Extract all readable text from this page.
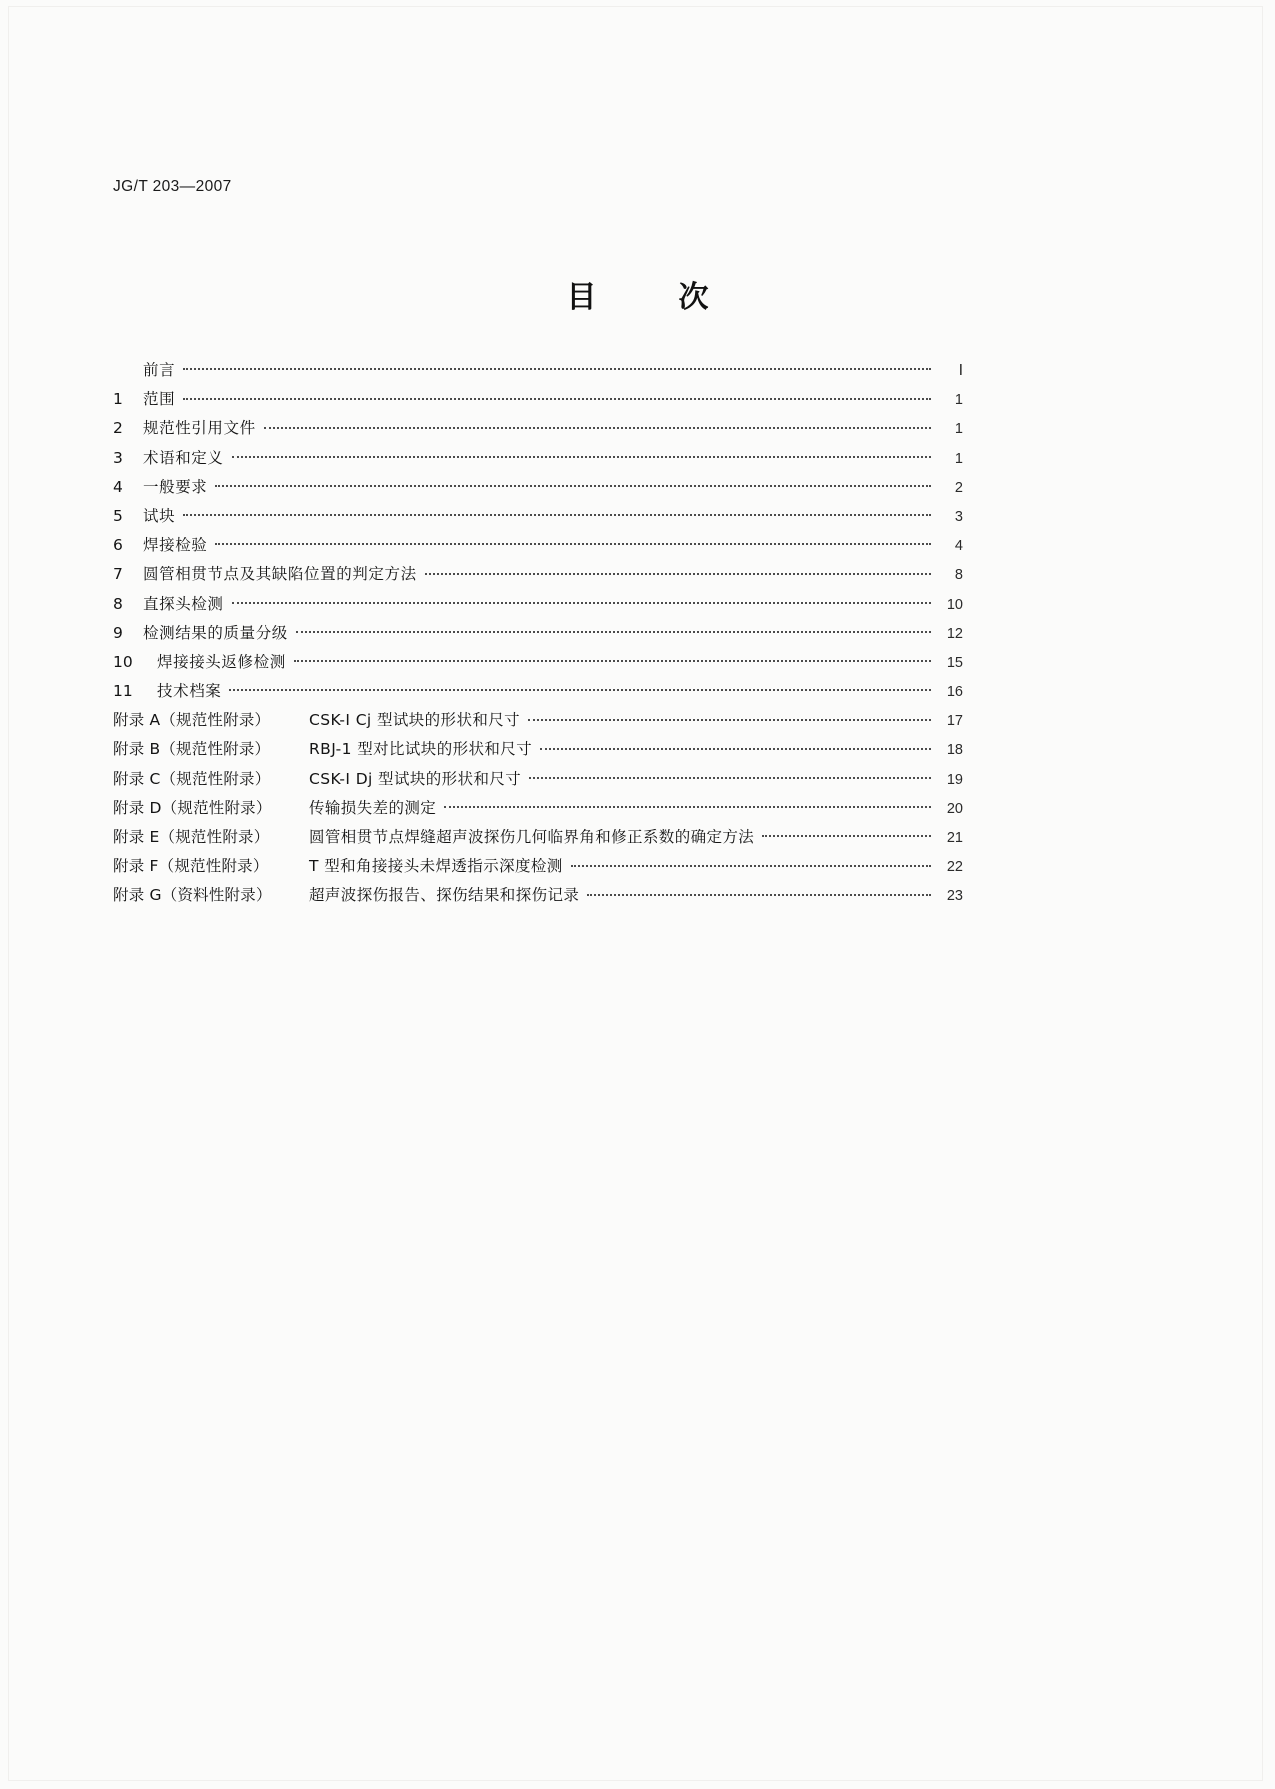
JG/T 203—2007
目　次
前言	Ⅰ
1	范围	1
2	规范性引用文件	1
3	术语和定义	1
4	一般要求	2
5	试块	3
6	焊接检验	4
7	圆管相贯节点及其缺陷位置的判定方法	8
8	直探头检测	10
9	检测结果的质量分级	12
10	焊接接头返修检测	15
11	技术档案	16
附录 A（规范性附录）	CSK-Ⅰ Cj 型试块的形状和尺寸	17
附录 B（规范性附录）	RBJ-1 型对比试块的形状和尺寸	18
附录 C（规范性附录）	CSK-Ⅰ Dj 型试块的形状和尺寸	19
附录 D（规范性附录）	传输损失差的测定	20
附录 E（规范性附录）	圆管相贯节点焊缝超声波探伤几何临界角和修正系数的确定方法	21
附录 F（规范性附录）	T 型和角接接头未焊透指示深度检测	22
附录 G（资料性附录）	超声波探伤报告、探伤结果和探伤记录	23
